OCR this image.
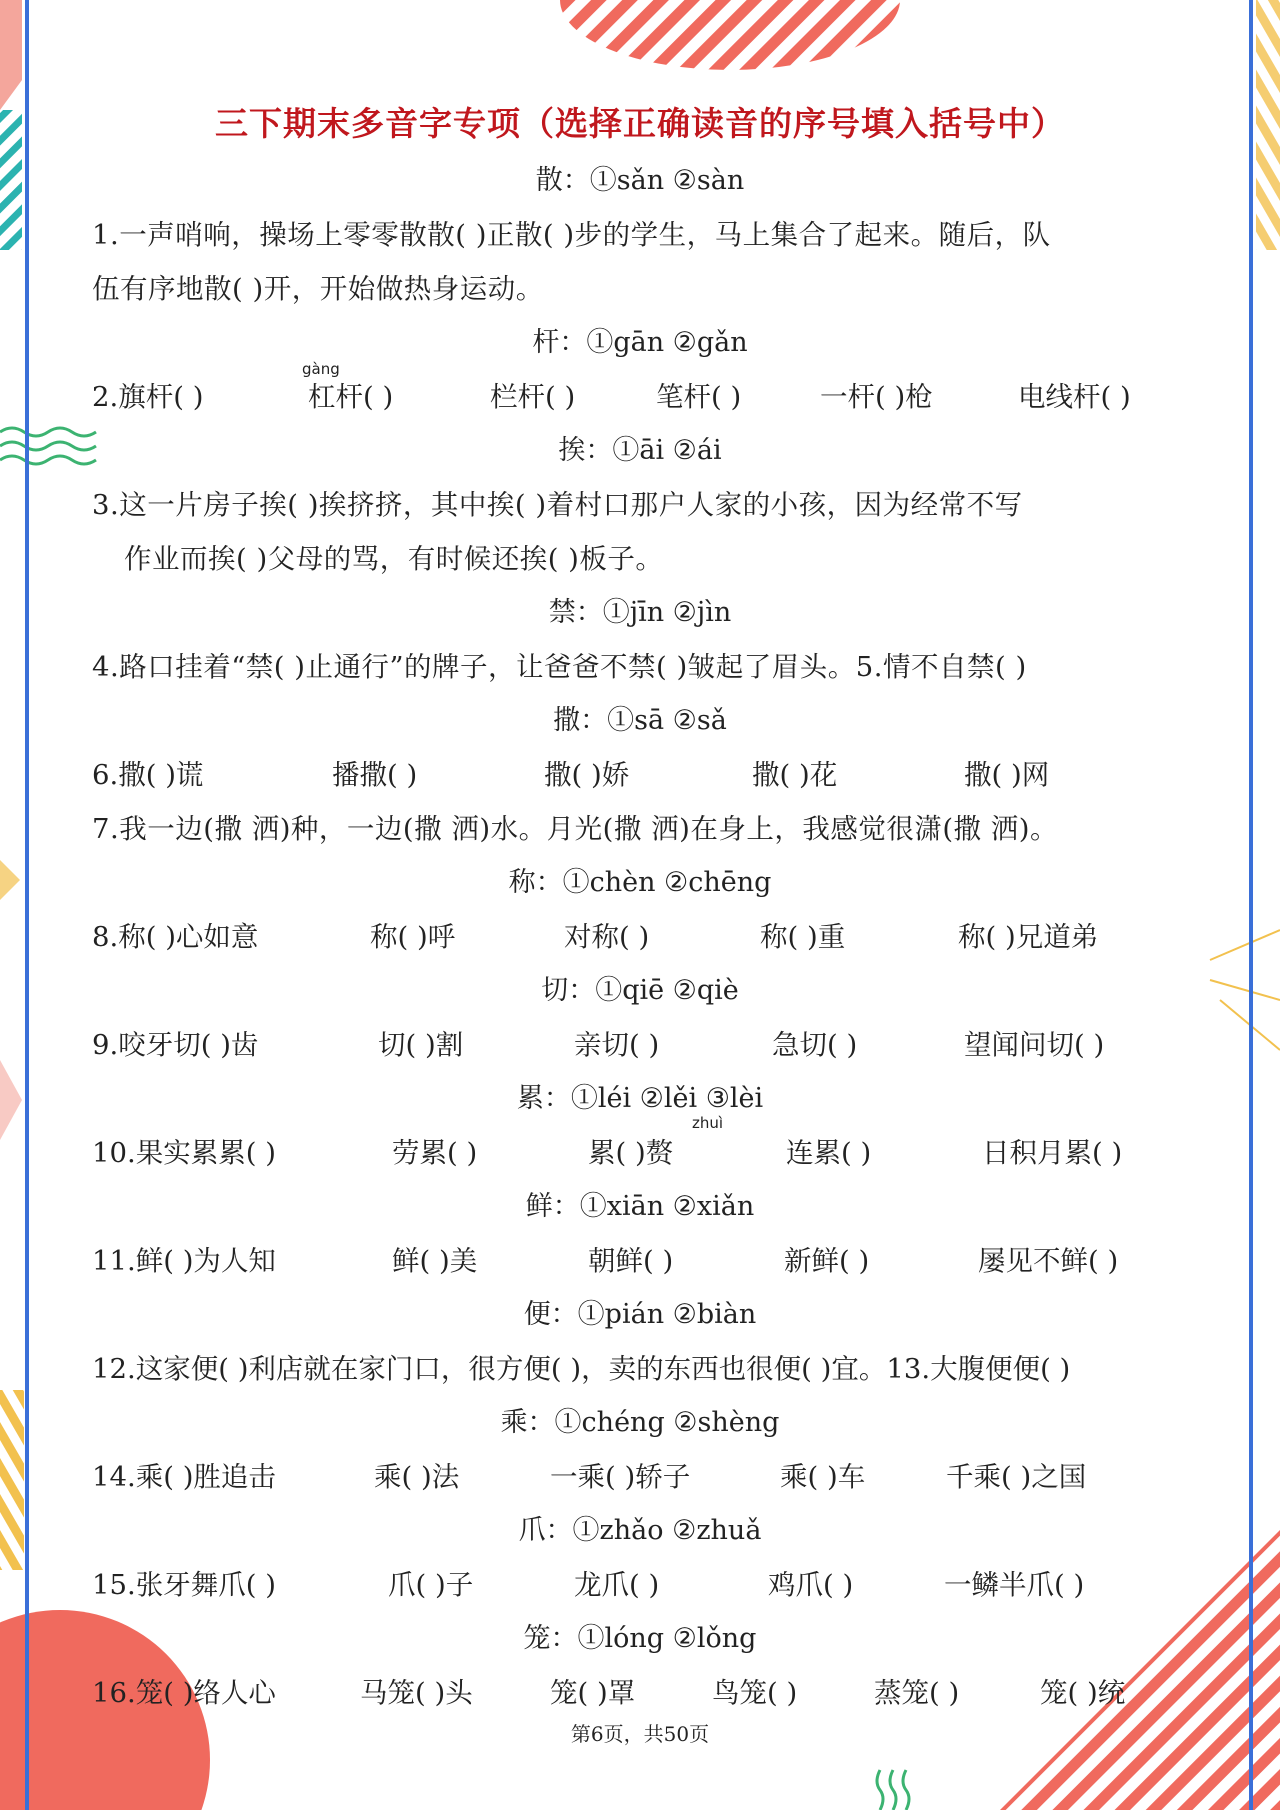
三下期末多音字专项（选择正确读音的序号填入括号中）
散：①sǎn ②sàn
1.一声哨响，操场上零零散散( )正散( )步的学生，马上集合了起来。随后，队
伍有序地散( )开，开始做热身运动。
杆：①gān ②gǎn
gàng
2.旗杆( )	杠杆( )	栏杆( )	笔杆( )	一杆( )枪	电线杆( )
挨：①āi ②ái
3.这一片房子挨( )挨挤挤，其中挨( )着村口那户人家的小孩，因为经常不写
作业而挨( )父母的骂，有时候还挨( )板子。
禁：①jīn ②jìn
4.路口挂着“禁( )止通行”的牌子，让爸爸不禁( )皱起了眉头。5.情不自禁( )
撒：①sā ②sǎ
6.撒( )谎	播撒( )	撒( )娇	撒( )花	撒( )网
7.我一边(撒 洒)种，一边(撒 洒)水。月光(撒 洒)在身上，我感觉很潇(撒 洒)。
称：①chèn ②chēng
8.称( )心如意	称( )呼	对称( )	称( )重	称( )兄道弟
切：①qiē ②qiè
9.咬牙切( )齿	切( )割	亲切( )	急切( )	望闻问切( )
累：①léi ②lěi ③lèi
zhuì
10.果实累累( )	劳累( )	累( )赘	连累( )	日积月累( )
鲜：①xiān ②xiǎn
11.鲜( )为人知	鲜( )美	朝鲜( )	新鲜( )	屡见不鲜( )
便：①pián ②biàn
12.这家便( )利店就在家门口，很方便( )，卖的东西也很便( )宜。13.大腹便便( )
乘：①chéng ②shèng
14.乘( )胜追击	乘( )法	一乘( )轿子	乘( )车	千乘( )之国
爪：①zhǎo ②zhuǎ
15.张牙舞爪( )	爪( )子	龙爪( )	鸡爪( )	一鳞半爪( )
笼：①lóng ②lǒng
16.笼( )络人心	马笼( )头	笼( )罩	鸟笼( )	蒸笼( )	笼( )统
第6页，共50页
